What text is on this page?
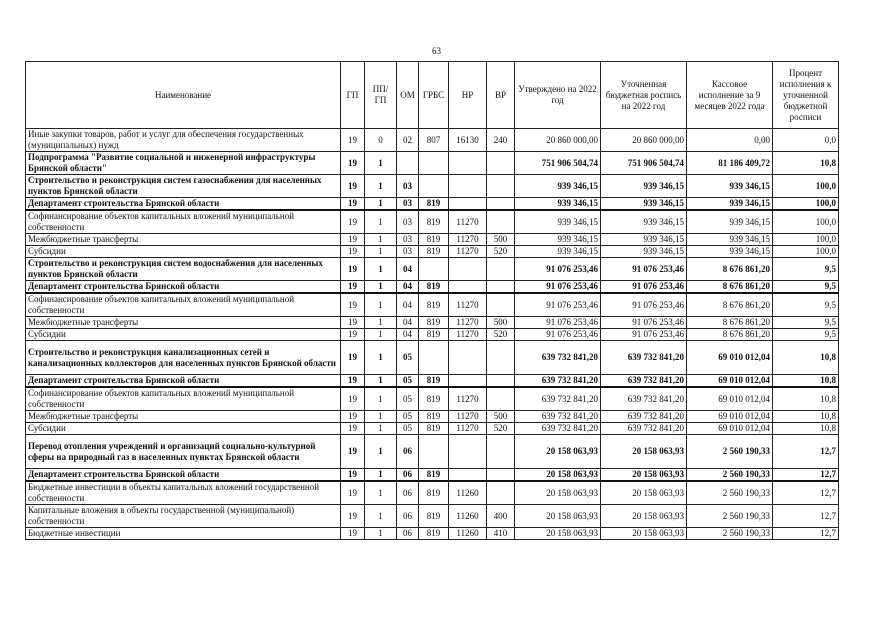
63
Наименование	ГП	ПП/ГП	ОМ	ГРБС	НР	ВР	Утверждено на 2022 год	Уточненная бюджетная роспись на 2022 год	Кассовое исполнение за 9 месяцев 2022 года	Процент исполнения к уточненной бюджетной росписи
Иные закупки товаров, работ и услуг для обеспечения государственных (муниципальных) нужд	19	0	02	807	16130	240	20 860 000,00	20 860 000,00	0,00	0,0
Подпрограмма "Развитие социальной и инженерной инфраструктуры Брянской области"	19	1					751 906 504,74	751 906 504,74	81 186 409,72	10,8
Строительство и реконструкция систем газоснабжения для населенных пунктов Брянской области	19	1	03				939 346,15	939 346,15	939 346,15	100,0
Департамент строительства Брянской области	19	1	03	819			939 346,15	939 346,15	939 346,15	100,0
Софинансирование объектов капитальных вложений муниципальной собственности	19	1	03	819	11270		939 346,15	939 346,15	939 346,15	100,0
Межбюджетные трансферты	19	1	03	819	11270	500	939 346,15	939 346,15	939 346,15	100,0
Субсидии	19	1	03	819	11270	520	939 346,15	939 346,15	939 346,15	100,0
Строительство и реконструкция систем водоснабжения для населенных пунктов Брянской области	19	1	04				91 076 253,46	91 076 253,46	8 676 861,20	9,5
Департамент строительства Брянской области	19	1	04	819			91 076 253,46	91 076 253,46	8 676 861,20	9,5
Софинансирование объектов капитальных вложений муниципальной собственности	19	1	04	819	11270		91 076 253,46	91 076 253,46	8 676 861,20	9,5
Межбюджетные трансферты	19	1	04	819	11270	500	91 076 253,46	91 076 253,46	8 676 861,20	9,5
Субсидии	19	1	04	819	11270	520	91 076 253,46	91 076 253,46	8 676 861,20	9,5
Строительство и реконструкция канализационных сетей и канализационных коллекторов для населенных пунктов Брянской области	19	1	05				639 732 841,20	639 732 841,20	69 010 012,04	10,8
Департамент строительства Брянской области	19	1	05	819			639 732 841,20	639 732 841,20	69 010 012,04	10,8
Софинансирование объектов капитальных вложений муниципальной собственности	19	1	05	819	11270		639 732 841,20	639 732 841,20	69 010 012,04	10,8
Межбюджетные трансферты	19	1	05	819	11270	500	639 732 841,20	639 732 841,20	69 010 012,04	10,8
Субсидии	19	1	05	819	11270	520	639 732 841,20	639 732 841,20	69 010 012,04	10,8
Перевод отопления учреждений и организаций социально-культурной сферы на природный газ в населенных пунктах Брянской области	19	1	06				20 158 063,93	20 158 063,93	2 560 190,33	12,7
Департамент строительства Брянской области	19	1	06	819			20 158 063,93	20 158 063,93	2 560 190,33	12,7
Бюджетные инвестиции в объекты капитальных вложений государственной собственности	19	1	06	819	11260		20 158 063,93	20 158 063,93	2 560 190,33	12,7
Капитальные вложения в объекты государственной (муниципальной) собственности	19	1	06	819	11260	400	20 158 063,93	20 158 063,93	2 560 190,33	12,7
Бюджетные инвестиции	19	1	06	819	11260	410	20 158 063,93	20 158 063,93	2 560 190,33	12,7
